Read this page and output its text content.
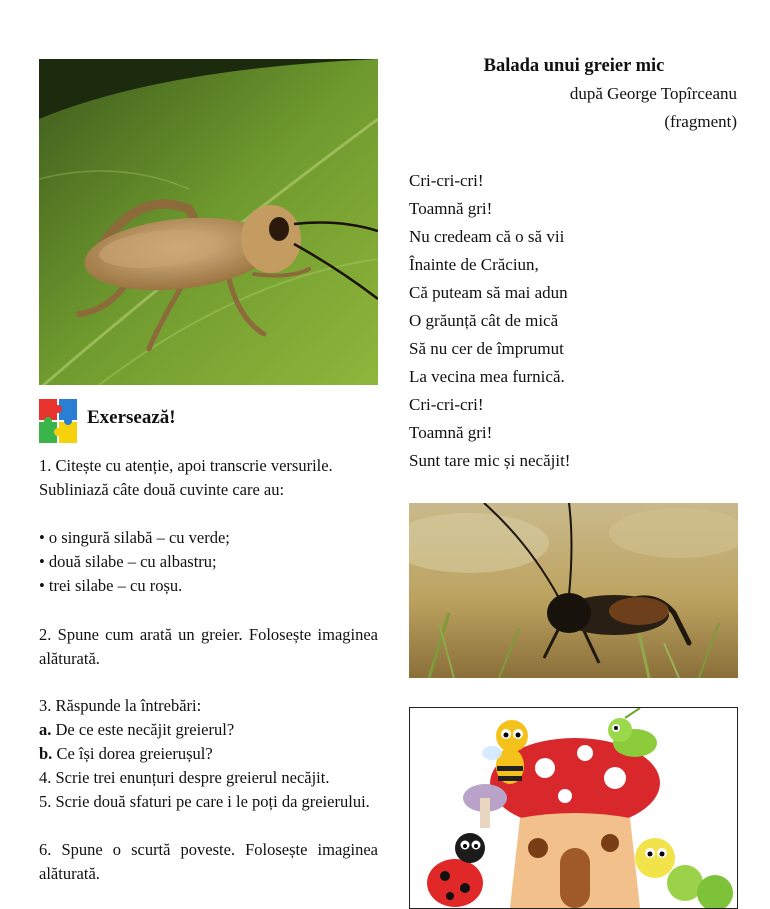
Exersează!
1. Citește cu atenție, apoi transcrie versurile.
Subliniază câte două cuvinte care au:
• o singură silabă – cu verde;
• două silabe – cu albastru;
• trei silabe – cu roșu.
2. Spune cum arată un greier. Folosește imaginea alăturată.
3. Răspunde la întrebări:
a. De ce este necăjit greierul?
b. Ce își dorea greierușul?
4. Scrie trei enunțuri despre greierul necăjit.
5. Scrie două sfaturi pe care i le poți da greierului.
6. Spune o scurtă poveste. Folosește imaginea alăturată.
Balada unui greier mic
după George Topîrceanu
(fragment)
Cri-cri-cri!
Toamnă gri!
Nu credeam că o să vii
Înainte de Crăciun,
Că puteam să mai adun
O grăunță cât de mică
Să nu cer de împrumut
La vecina mea furnică.
Cri-cri-cri!
Toamnă gri!
Sunt tare mic și necăjit!
